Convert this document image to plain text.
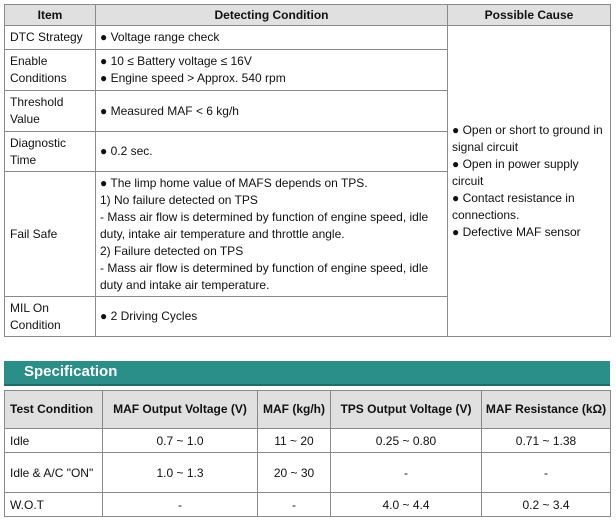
Item	Detecting Condition	Possible Cause
DTC Strategy	● Voltage range check	● Open or short to ground in signal circuit
● Open in power supply circuit
● Contact resistance in connections.
● Defective MAF sensor

Enable Conditions	● 10 ≤ Battery voltage ≤ 16V
● Engine speed > Approx. 540 rpm	

Threshold Value	● Measured MAF < 6 kg/h	

Diagnostic Time	● 0.2 sec.	

Fail Safe	● The limp home value of MAFS depends on TPS.
1) No failure detected on TPS
- Mass air flow is determined by function of engine speed, idle duty, intake air temperature and throttle angle.
2) Failure detected on TPS
- Mass air flow is determined by function of engine speed, idle duty and intake air temperature.	

MIL On Condition	● 2 Driving Cycles	
Specification
Test Condition	MAF Output Voltage (V)	MAF (kg/h)	TPS Output Voltage (V)	MAF Resistance (kΩ)
Idle	0.7 ~ 1.0	11 ~ 20	0.25 ~ 0.80	0.71 ~ 1.38
Idle & A/C "ON"	1.0 ~ 1.3	20 ~ 30	-	-
W.O.T	-	-	4.0 ~ 4.4	0.2 ~ 3.4
